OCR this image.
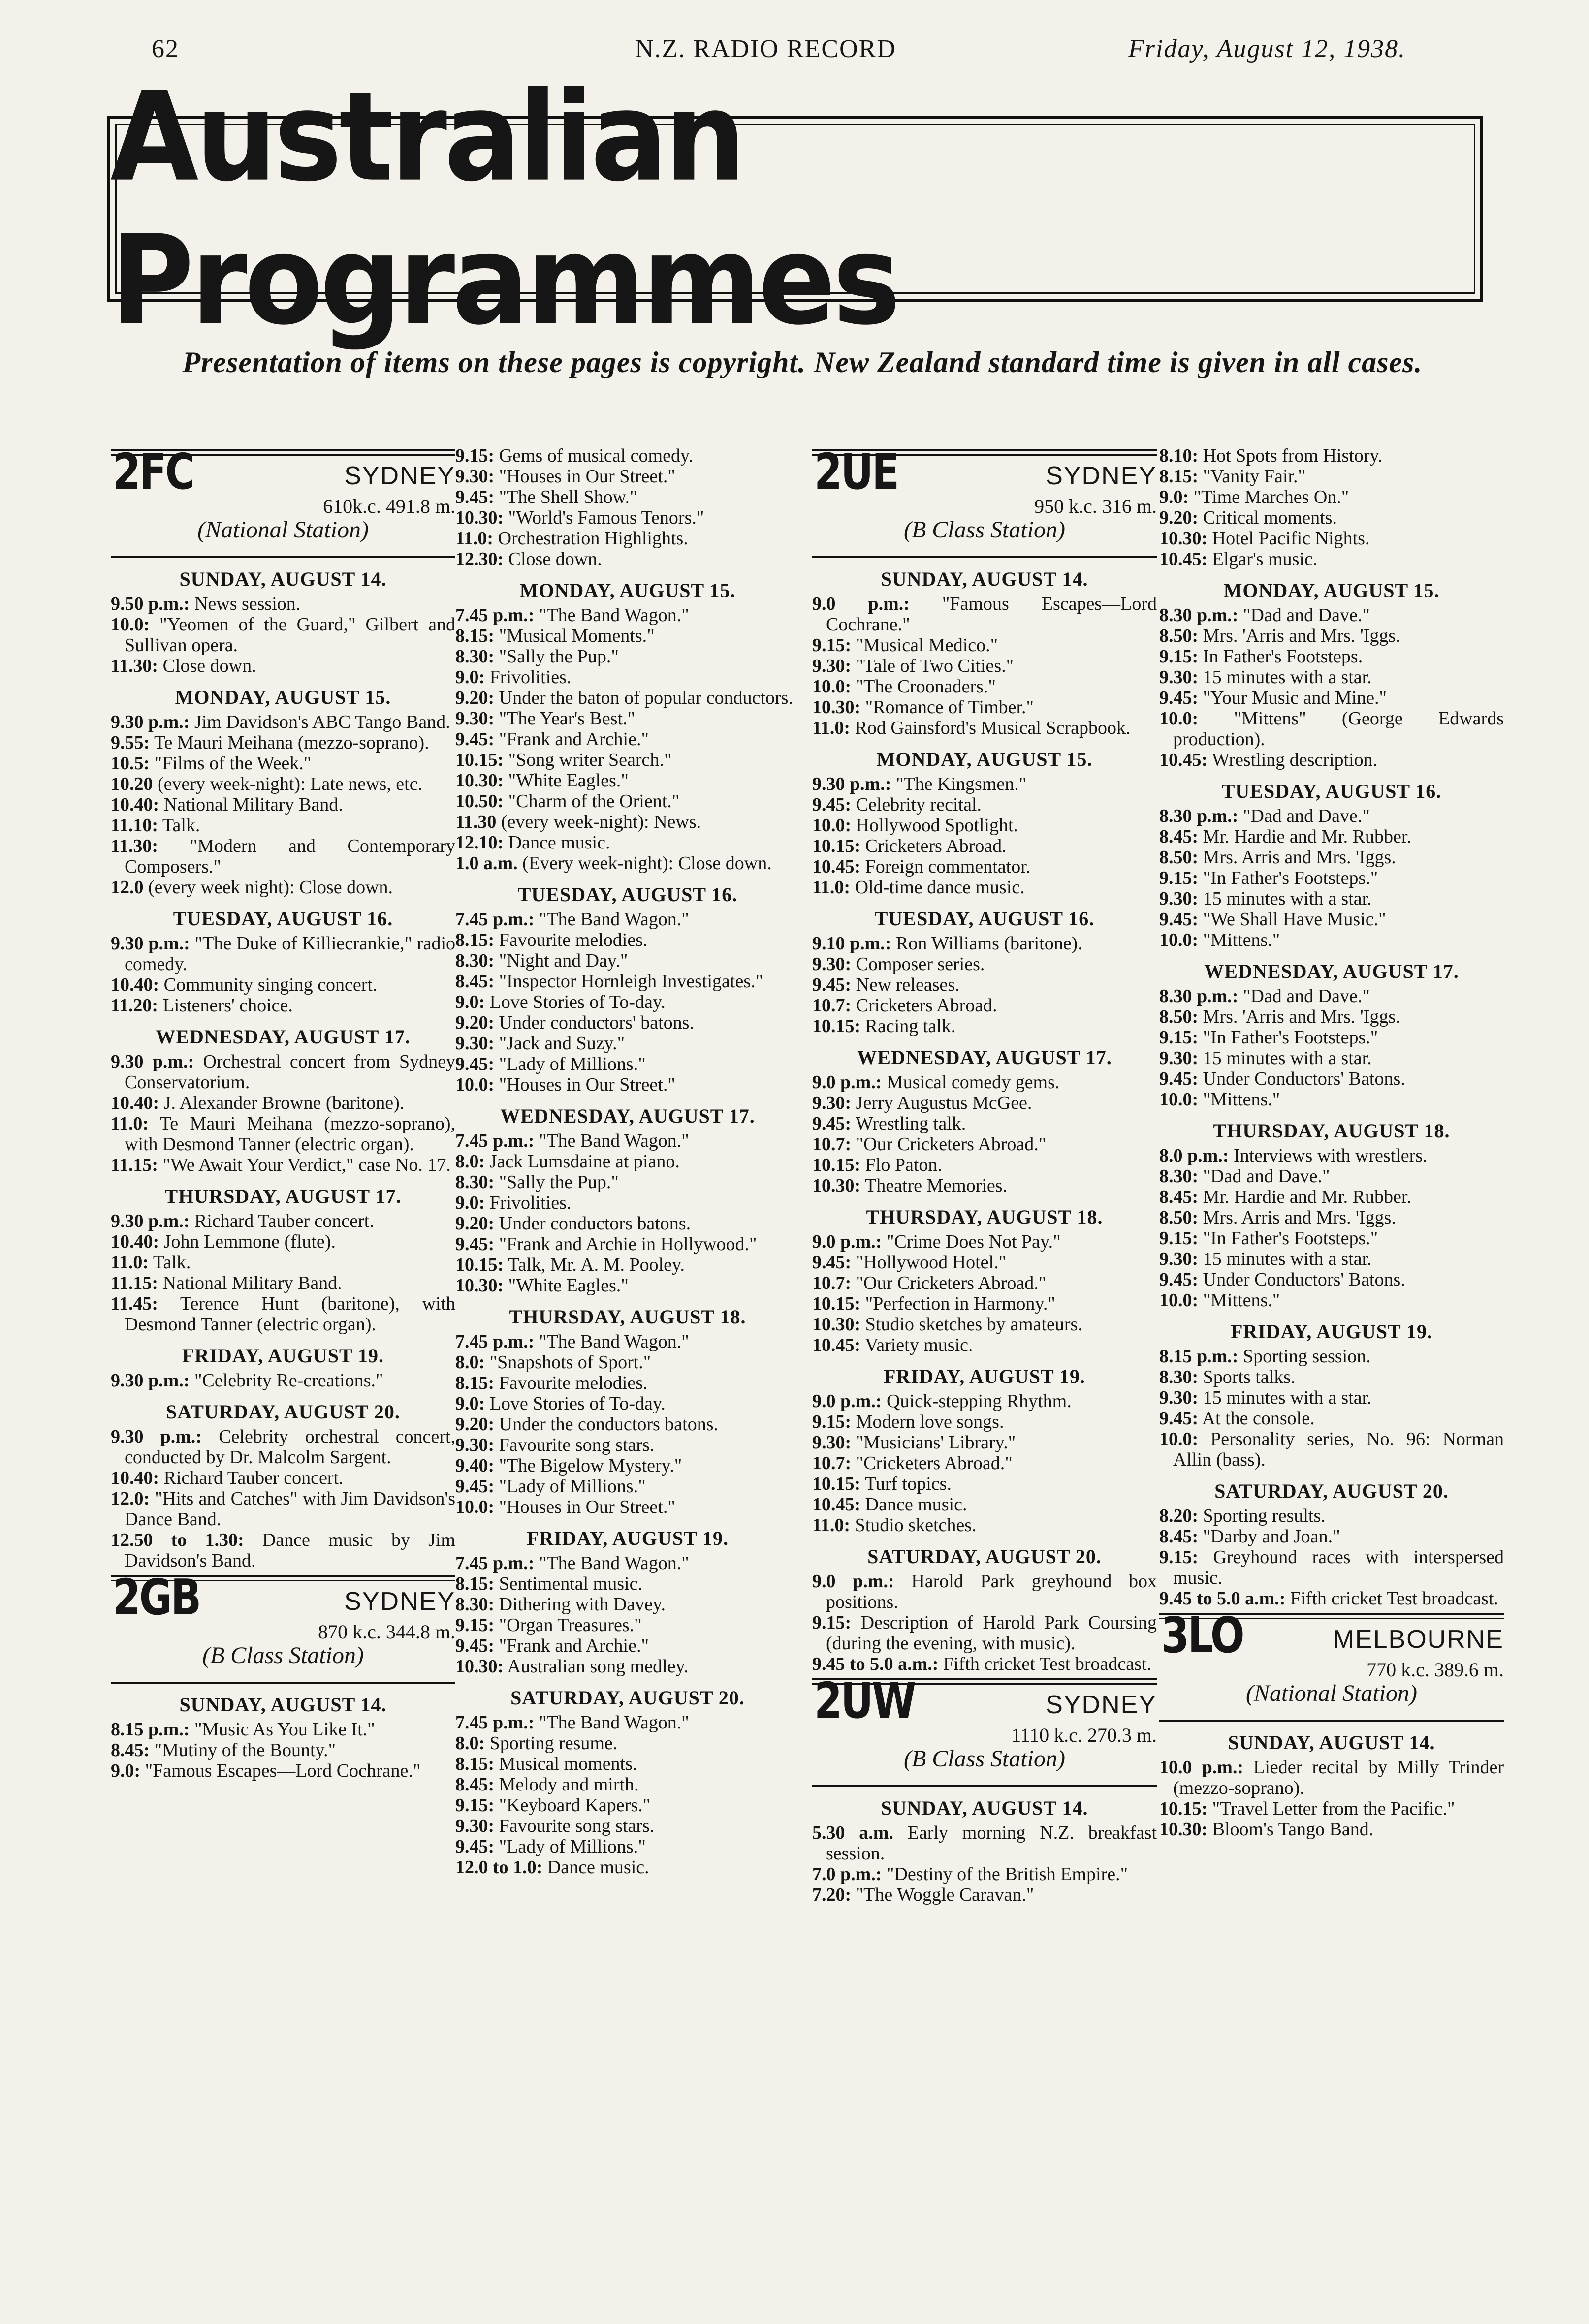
62	N.Z. RADIO RECORD	Friday, August 12, 1938.
Australian Programmes
Presentation of items on these pages is copyright. New Zealand standard time is given in all cases.
2FC	SYDNEY
610k.c. 491.8 m.
(National Station)
SUNDAY, AUGUST 14.

9.50 p.m.: News session.

10.0: "Yeomen of the Guard," Gilbert and Sullivan opera.

11.30: Close down.

MONDAY, AUGUST 15.

9.30 p.m.: Jim Davidson's ABC Tango Band.

9.55: Te Mauri Meihana (mezzo-soprano).

10.5: "Films of the Week."

10.20 (every week-night): Late news, etc.

10.40: National Military Band.

11.10: Talk.

11.30: "Modern and Contemporary Composers."

12.0 (every week night): Close down.

TUESDAY, AUGUST 16.

9.30 p.m.: "The Duke of Killiecrankie," radio comedy.

10.40: Community singing concert.

11.20: Listeners' choice.

WEDNESDAY, AUGUST 17.

9.30 p.m.: Orchestral concert from Sydney Conservatorium.

10.40: J. Alexander Browne (baritone).

11.0: Te Mauri Meihana (mezzo-soprano), with Desmond Tanner (electric organ).

11.15: "We Await Your Verdict," case No. 17.

THURSDAY, AUGUST 17.

9.30 p.m.: Richard Tauber concert.

10.40: John Lemmone (flute).

11.0: Talk.

11.15: National Military Band.

11.45: Terence Hunt (baritone), with Desmond Tanner (electric organ).

FRIDAY, AUGUST 19.

9.30 p.m.: "Celebrity Re-creations."

SATURDAY, AUGUST 20.

9.30 p.m.: Celebrity orchestral concert, conducted by Dr. Malcolm Sargent.

10.40: Richard Tauber concert.

12.0: "Hits and Catches" with Jim Davidson's Dance Band.

12.50 to 1.30: Dance music by Jim Davidson's Band.

2GB	SYDNEY
870 k.c. 344.8 m.
(B Class Station)
SUNDAY, AUGUST 14.

8.15 p.m.: "Music As You Like It."

8.45: "Mutiny of the Bounty."

9.0: "Famous Escapes—Lord Cochrane."

9.15: Gems of musical comedy.

9.30: "Houses in Our Street."

9.45: "The Shell Show."

10.30: "World's Famous Tenors."

11.0: Orchestration Highlights.

12.30: Close down.

MONDAY, AUGUST 15.

7.45 p.m.: "The Band Wagon."

8.15: "Musical Moments."

8.30: "Sally the Pup."

9.0: Frivolities.

9.20: Under the baton of popular conductors.

9.30: "The Year's Best."

9.45: "Frank and Archie."

10.15: "Song writer Search."

10.30: "White Eagles."

10.50: "Charm of the Orient."

11.30 (every week-night): News.

12.10: Dance music.

1.0 a.m. (Every week-night): Close down.

TUESDAY, AUGUST 16.

7.45 p.m.: "The Band Wagon."

8.15: Favourite melodies.

8.30: "Night and Day."

8.45: "Inspector Hornleigh Investigates."

9.0: Love Stories of To-day.

9.20: Under conductors' batons.

9.30: "Jack and Suzy."

9.45: "Lady of Millions."

10.0: "Houses in Our Street."

WEDNESDAY, AUGUST 17.

7.45 p.m.: "The Band Wagon."

8.0: Jack Lumsdaine at piano.

8.30: "Sally the Pup."

9.0: Frivolities.

9.20: Under conductors batons.

9.45: "Frank and Archie in Hollywood."

10.15: Talk, Mr. A. M. Pooley.

10.30: "White Eagles."

THURSDAY, AUGUST 18.

7.45 p.m.: "The Band Wagon."

8.0: "Snapshots of Sport."

8.15: Favourite melodies.

9.0: Love Stories of To-day.

9.20: Under the conductors batons.

9.30: Favourite song stars.

9.40: "The Bigelow Mystery."

9.45: "Lady of Millions."

10.0: "Houses in Our Street."

FRIDAY, AUGUST 19.

7.45 p.m.: "The Band Wagon."

8.15: Sentimental music.

8.30: Dithering with Davey.

9.15: "Organ Treasures."

9.45: "Frank and Archie."

10.30: Australian song medley.

SATURDAY, AUGUST 20.

7.45 p.m.: "The Band Wagon."

8.0: Sporting resume.

8.15: Musical moments.

8.45: Melody and mirth.

9.15: "Keyboard Kapers."

9.30: Favourite song stars.

9.45: "Lady of Millions."

12.0 to 1.0: Dance music.

2UE	SYDNEY
950 k.c. 316 m.
(B Class Station)
SUNDAY, AUGUST 14.

9.0 p.m.: "Famous Escapes—Lord Cochrane."

9.15: "Musical Medico."

9.30: "Tale of Two Cities."

10.0: "The Croonaders."

10.30: "Romance of Timber."

11.0: Rod Gainsford's Musical Scrapbook.

MONDAY, AUGUST 15.

9.30 p.m.: "The Kingsmen."

9.45: Celebrity recital.

10.0: Hollywood Spotlight.

10.15: Cricketers Abroad.

10.45: Foreign commentator.

11.0: Old-time dance music.

TUESDAY, AUGUST 16.

9.10 p.m.: Ron Williams (baritone).

9.30: Composer series.

9.45: New releases.

10.7: Cricketers Abroad.

10.15: Racing talk.

WEDNESDAY, AUGUST 17.

9.0 p.m.: Musical comedy gems.

9.30: Jerry Augustus McGee.

9.45: Wrestling talk.

10.7: "Our Cricketers Abroad."

10.15: Flo Paton.

10.30: Theatre Memories.

THURSDAY, AUGUST 18.

9.0 p.m.: "Crime Does Not Pay."

9.45: "Hollywood Hotel."

10.7: "Our Cricketers Abroad."

10.15: "Perfection in Harmony."

10.30: Studio sketches by amateurs.

10.45: Variety music.

FRIDAY, AUGUST 19.

9.0 p.m.: Quick-stepping Rhythm.

9.15: Modern love songs.

9.30: "Musicians' Library."

10.7: "Cricketers Abroad."

10.15: Turf topics.

10.45: Dance music.

11.0: Studio sketches.

SATURDAY, AUGUST 20.

9.0 p.m.: Harold Park greyhound box positions.

9.15: Description of Harold Park Coursing (during the evening, with music).

9.45 to 5.0 a.m.: Fifth cricket Test broadcast.

2UW	SYDNEY
1110 k.c. 270.3 m.
(B Class Station)
SUNDAY, AUGUST 14.

5.30 a.m. Early morning N.Z. breakfast session.

7.0 p.m.: "Destiny of the British Empire."

7.20: "The Woggle Caravan."

8.10: Hot Spots from History.

8.15: "Vanity Fair."

9.0: "Time Marches On."

9.20: Critical moments.

10.30: Hotel Pacific Nights.

10.45: Elgar's music.

MONDAY, AUGUST 15.

8.30 p.m.: "Dad and Dave."

8.50: Mrs. 'Arris and Mrs. 'Iggs.

9.15: In Father's Footsteps.

9.30: 15 minutes with a star.

9.45: "Your Music and Mine."

10.0: "Mittens" (George Edwards production).

10.45: Wrestling description.

TUESDAY, AUGUST 16.

8.30 p.m.: "Dad and Dave."

8.45: Mr. Hardie and Mr. Rubber.

8.50: Mrs. Arris and Mrs. 'Iggs.

9.15: "In Father's Footsteps."

9.30: 15 minutes with a star.

9.45: "We Shall Have Music."

10.0: "Mittens."

WEDNESDAY, AUGUST 17.

8.30 p.m.: "Dad and Dave."

8.50: Mrs. 'Arris and Mrs. 'Iggs.

9.15: "In Father's Footsteps."

9.30: 15 minutes with a star.

9.45: Under Conductors' Batons.

10.0: "Mittens."

THURSDAY, AUGUST 18.

8.0 p.m.: Interviews with wrestlers.

8.30: "Dad and Dave."

8.45: Mr. Hardie and Mr. Rubber.

8.50: Mrs. Arris and Mrs. 'Iggs.

9.15: "In Father's Footsteps."

9.30: 15 minutes with a star.

9.45: Under Conductors' Batons.

10.0: "Mittens."

FRIDAY, AUGUST 19.

8.15 p.m.: Sporting session.

8.30: Sports talks.

9.30: 15 minutes with a star.

9.45: At the console.

10.0: Personality series, No. 96: Norman Allin (bass).

SATURDAY, AUGUST 20.

8.20: Sporting results.

8.45: "Darby and Joan."

9.15: Greyhound races with interspersed music.

9.45 to 5.0 a.m.: Fifth cricket Test broadcast.

3LO	MELBOURNE
770 k.c. 389.6 m.
(National Station)
SUNDAY, AUGUST 14.

10.0 p.m.: Lieder recital by Milly Trinder (mezzo-soprano).

10.15: "Travel Letter from the Pacific."

10.30: Bloom's Tango Band.
